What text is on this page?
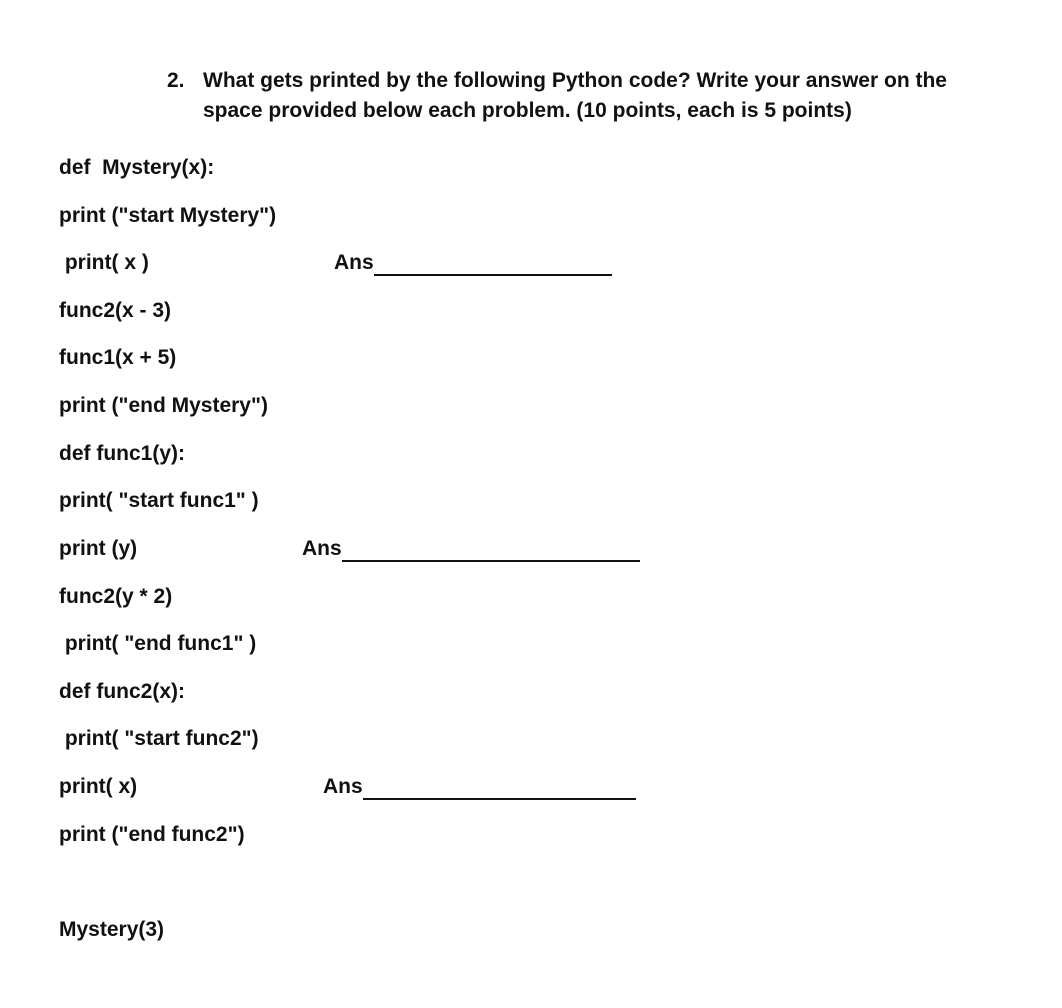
2. What gets printed by the following Python code? Write your answer on the space provided below each problem. (10 points, each is 5 points)
def  Mystery(x):
print ("start Mystery")
print( x )
func2(x - 3)
func1(x + 5)
print ("end Mystery")
def func1(y):
print( "start func1" )
print (y)
func2(y * 2)
print( "end func1" )
def func2(x):
print( "start func2")
print( x)
print ("end func2")
Mystery(3)
Ans
Ans
Ans
